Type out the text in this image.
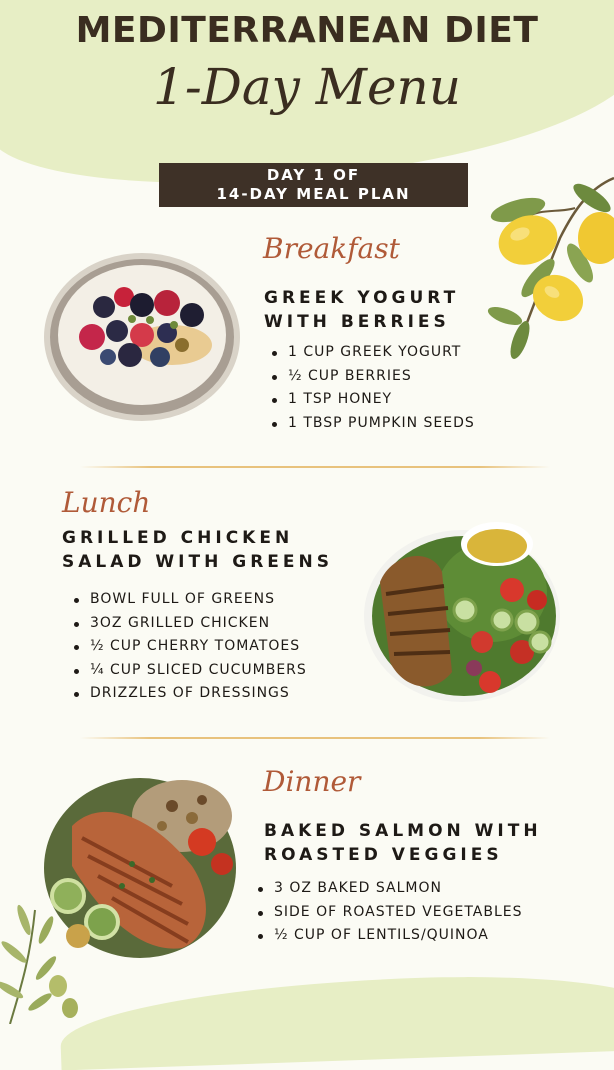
MEDITERRANEAN DIET
1-Day Menu
DAY 1 OF
14-DAY MEAL PLAN
Breakfast
GREEK YOGURT
WITH BERRIES
1 CUP GREEK YOGURT
½ CUP BERRIES
1 TSP HONEY
1 TBSP PUMPKIN SEEDS
Lunch
GRILLED CHICKEN
SALAD WITH GREENS
BOWL FULL OF GREENS
3OZ GRILLED CHICKEN
½ CUP CHERRY TOMATOES
¼ CUP SLICED CUCUMBERS
DRIZZLES OF DRESSINGS
Dinner
BAKED SALMON WITH
ROASTED VEGGIES
3 OZ BAKED SALMON
SIDE OF ROASTED VEGETABLES
½ CUP OF LENTILS/QUINOA
